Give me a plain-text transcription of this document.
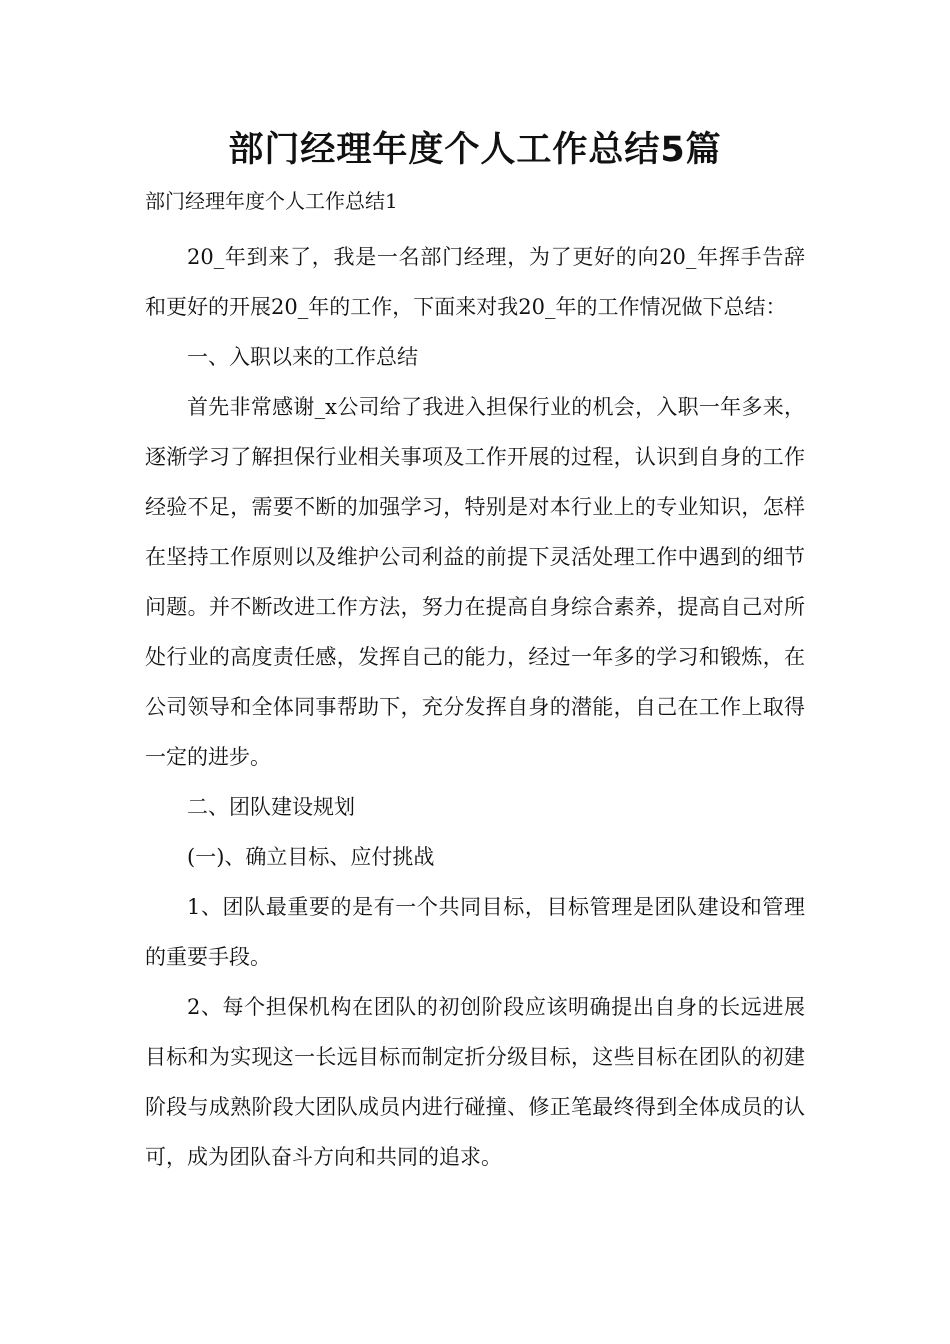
部门经理年度个人工作总结5篇
部门经理年度个人工作总结1

20_年到来了，我是一名部门经理，为了更好的向20_年挥手告辞和更好的开展20_年的工作，下面来对我20_年的工作情况做下总结：

一、入职以来的工作总结

首先非常感谢_x公司给了我进入担保行业的机会，入职一年多来，逐渐学习了解担保行业相关事项及工作开展的过程，认识到自身的工作经验不足，需要不断的加强学习，特别是对本行业上的专业知识，怎样在坚持工作原则以及维护公司利益的前提下灵活处理工作中遇到的细节问题。并不断改进工作方法，努力在提高自身综合素养，提高自己对所处行业的高度责任感，发挥自己的能力，经过一年多的学习和锻炼，在公司领导和全体同事帮助下，充分发挥自身的潜能，自己在工作上取得一定的进步。

二、团队建设规划

(一)、确立目标、应付挑战

1、团队最重要的是有一个共同目标，目标管理是团队建设和管理的重要手段。

2、每个担保机构在团队的初创阶段应该明确提出自身的长远进展目标和为实现这一长远目标而制定折分级目标，这些目标在团队的初建阶段与成熟阶段大团队成员内进行碰撞、修正笔最终得到全体成员的认可，成为团队奋斗方向和共同的追求。
